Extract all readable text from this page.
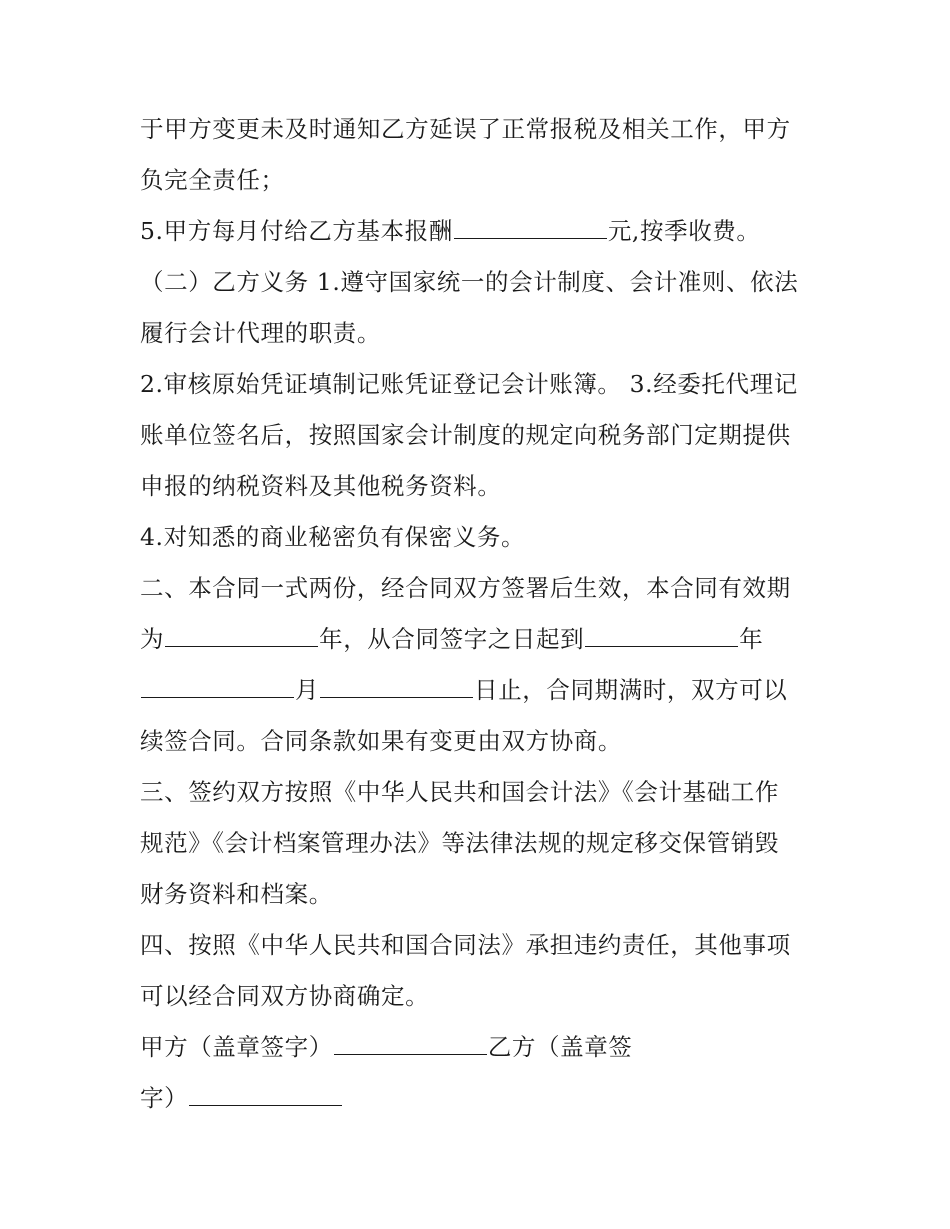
于甲方变更未及时通知乙方延误了正常报税及相关工作，甲方
负完全责任；
5.甲方每月付给乙方基本报酬	元,按季收费。
（二）乙方义务 1.遵守国家统一的会计制度、会计准则、依法
履行会计代理的职责。
2.审核原始凭证填制记账凭证登记会计账簿。 3.经委托代理记
账单位签名后，按照国家会计制度的规定向税务部门定期提供
申报的纳税资料及其他税务资料。
4.对知悉的商业秘密负有保密义务。
二、本合同一式两份，经合同双方签署后生效，本合同有效期
为	年，从合同签字之日起到	年
月	日止，合同期满时，双方可以
续签合同。合同条款如果有变更由双方协商。
三、签约双方按照《中华人民共和国会计法》《会计基础工作
规范》《会计档案管理办法》等法律法规的规定移交保管销毁
财务资料和档案。
四、按照《中华人民共和国合同法》承担违约责任，其他事项
可以经合同双方协商确定。
甲方（盖章签字）	乙方（盖章签
字）
